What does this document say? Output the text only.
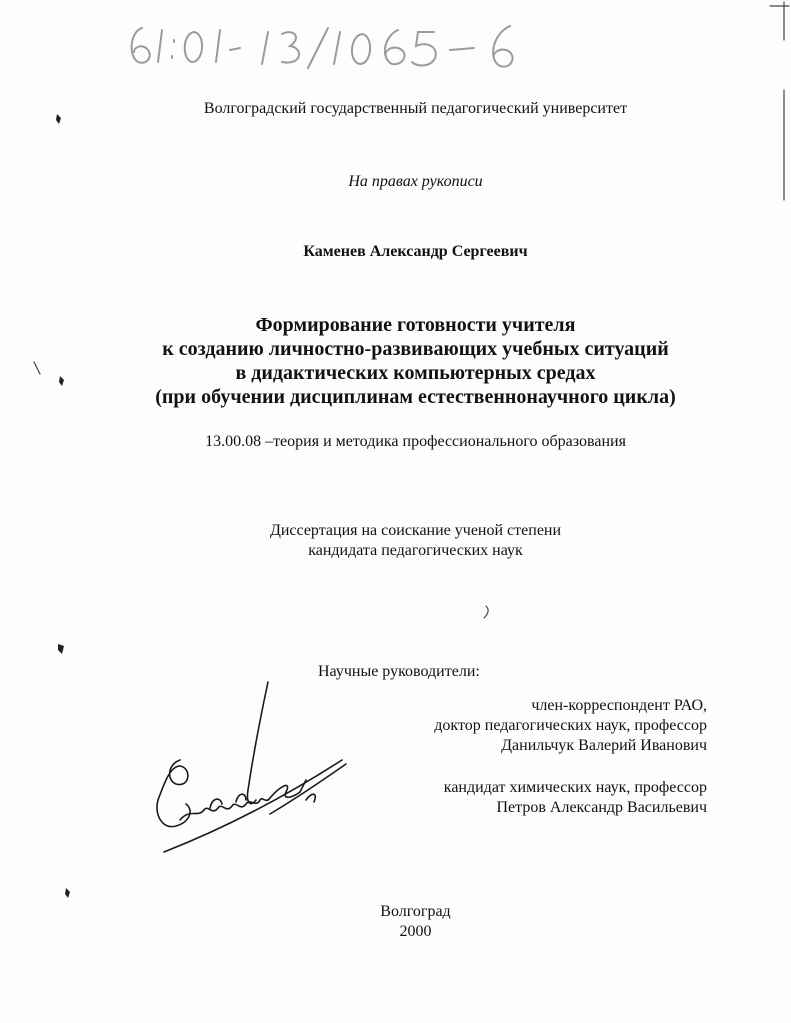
Волгоградский государственный педагогический университет
На правах рукописи
Каменев Александр Сергеевич
Формирование готовности учителя
к созданию личностно-развивающих учебных ситуаций
в дидактических компьютерных средах
(при обучении дисциплинам естественнонаучного цикла)
13.00.08 –теория и методика профессионального образования
Диссертация на соискание ученой степени
кандидата педагогических наук
Научные руководители:
член-корреспондент РАО,
доктор педагогических наук, профессор
Данильчук Валерий Иванович
кандидат химических наук, профессор
Петров Александр Васильевич
Волгоград
2000
